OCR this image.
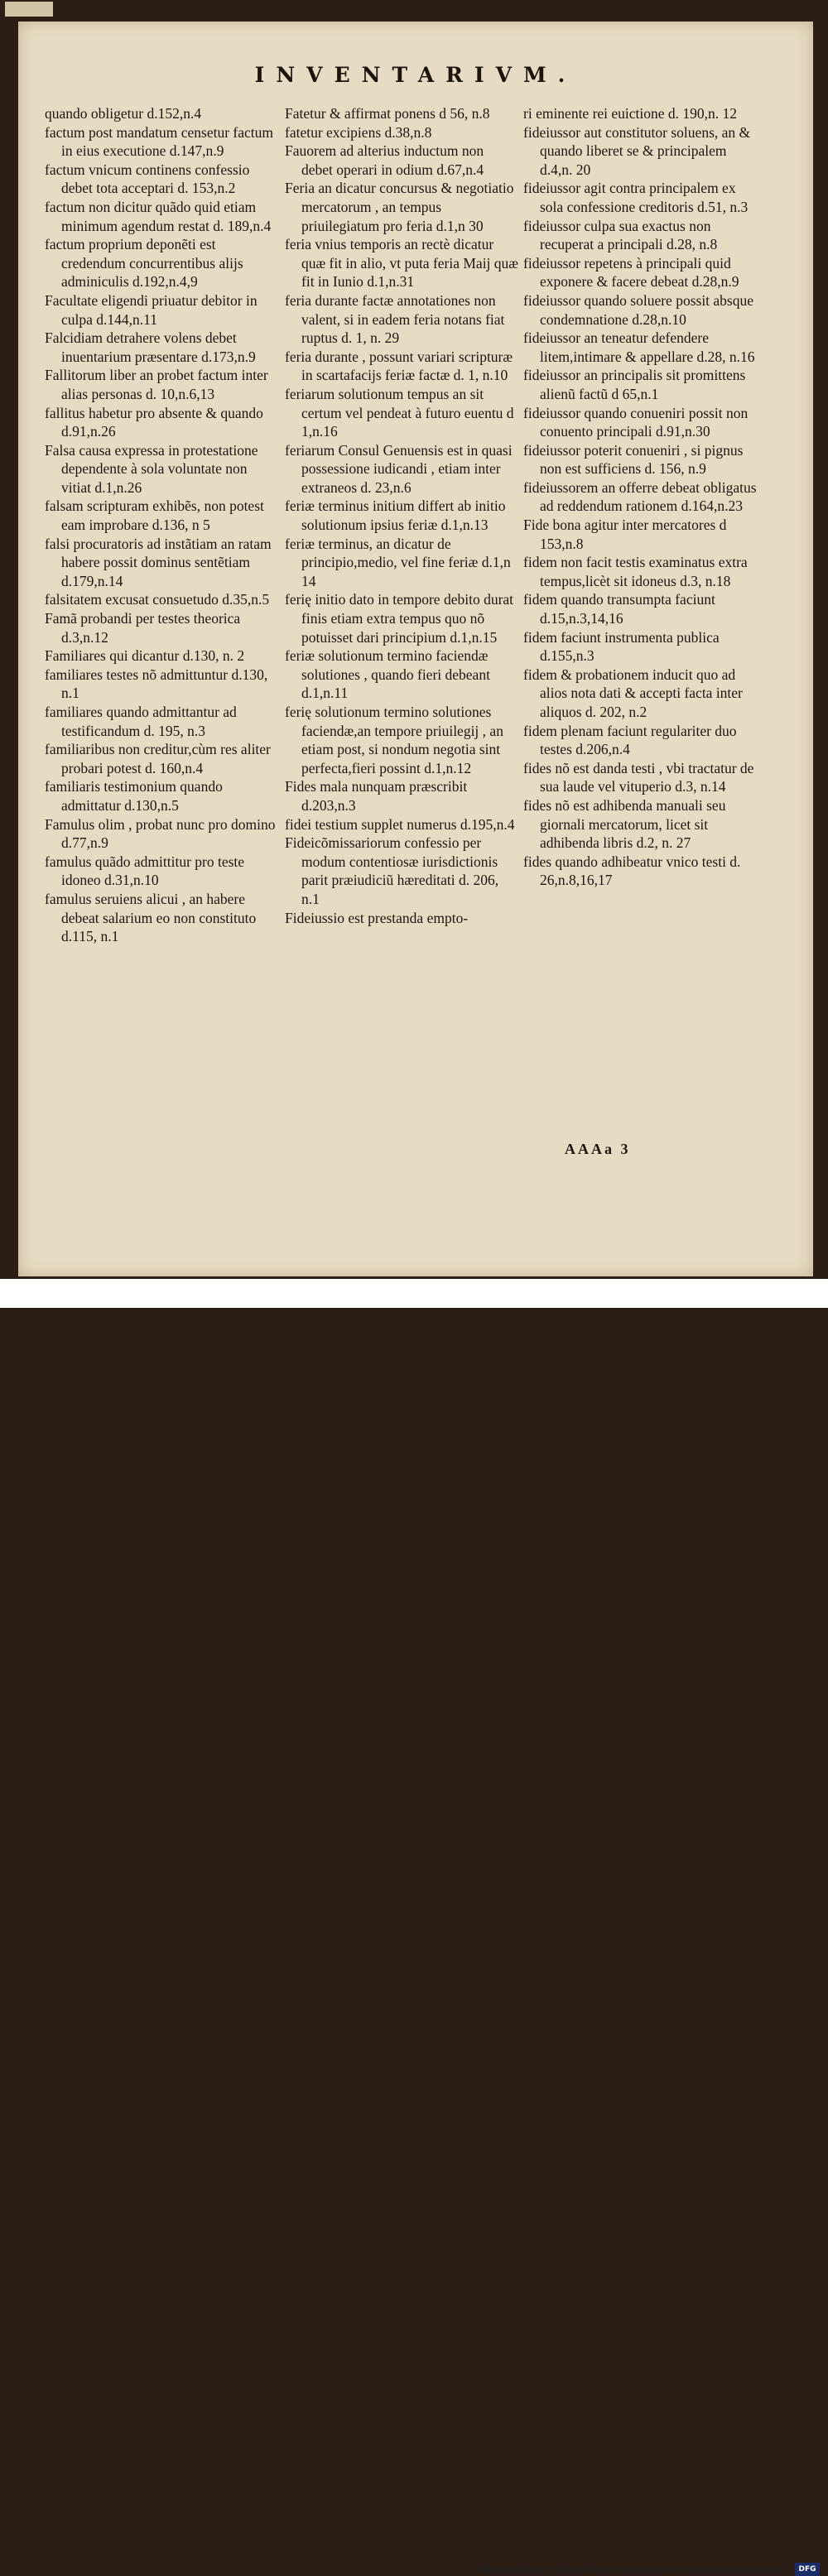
INVENTARIVM.

quando obligetur d.152,n.4

factum post mandatum censetur factum in eius executione d.147,n.9

factum vnicum continens confessio debet tota acceptari d. 153,n.2

factum non dicitur quãdo quid etiam minimum agendum restat d. 189,n.4

factum proprium deponẽti est credendum concurrentibus alijs adminiculis d.192,n.4,9

Facultate eligendi priuatur debitor in culpa d.144,n.11

Falcidiam detrahere volens debet inuentarium præsentare d.173,n.9

Fallitorum liber an probet factum inter alias personas d. 10,n.6,13

fallitus habetur pro absente & quando d.91,n.26

Falsa causa expressa in protestatione dependente à sola voluntate non vitiat d.1,n.26

falsam scripturam exhibẽs, non potest eam improbare d.136, n 5

falsi procuratoris ad instãtiam an ratam habere possit dominus sentẽtiam d.179,n.14

falsitatem excusat consuetudo d.35,n.5

Famã probandi per testes theorica d.3,n.12

Familiares qui dicantur d.130, n. 2

familiares testes nõ admittuntur d.130, n.1

familiares quando admittantur ad testificandum d. 195, n.3

familiaribus non creditur,cùm res aliter probari potest d. 160,n.4

familiaris testimonium quando admittatur d.130,n.5

Famulus olim , probat nunc pro domino d.77,n.9

famulus quãdo admittitur pro teste idoneo d.31,n.10

famulus seruiens alicui , an habere debeat salarium eo non constituto d.115, n.1

Fatetur & affirmat ponens d 56, n.8

fatetur excipiens d.38,n.8

Fauorem ad alterius inductum non debet operari in odium d.67,n.4

Feria an dicatur concursus & negotiatio mercatorum , an tempus priuilegiatum pro feria d.1,n 30

feria vnius temporis an rectè dicatur quæ fit in alio, vt puta feria Maij quæ fit in Iunio d.1,n.31

feria durante factæ annotationes non valent, si in eadem feria notans fiat ruptus d. 1, n. 29

feria durante , possunt variari scripturæ in scartafacijs feriæ factæ d. 1, n.10

feriarum solutionum tempus an sit certum vel pendeat à futuro euentu d 1,n.16

feriarum Consul Genuensis est in quasi possessione iudicandi , etiam inter extraneos d. 23,n.6

feriæ terminus initium differt ab initio solutionum ipsius feriæ d.1,n.13

feriæ terminus, an dicatur de principio,medio, vel fine feriæ d.1,n 14

ferię initio dato in tempore debito durat finis etiam extra tempus quo nõ potuisset dari principium d.1,n.15

feriæ solutionum termino faciendæ solutiones , quando fieri debeant d.1,n.11

ferię solutionum termino solutiones faciendæ,an tempore priuilegij , an etiam post, si nondum negotia sint perfecta,fieri possint d.1,n.12

Fides mala nunquam præscribit d.203,n.3

fidei testium supplet numerus d.195,n.4

Fideicõmissariorum confessio per modum contentiosæ iurisdictionis parit præiudiciũ hæreditati d. 206, n.1

Fideiussio est prestanda empto-

ri eminente rei euictione d. 190,n. 12

fideiussor aut constitutor soluens, an & quando liberet se & principalem d.4,n. 20

fideiussor agit contra principalem ex sola confessione creditoris d.51, n.3

fideiussor culpa sua exactus non recuperat a principali d.28, n.8

fideiussor repetens à principali quid exponere & facere debeat d.28,n.9

fideiussor quando soluere possit absque condemnatione d.28,n.10

fideiussor an teneatur defendere litem,intimare & appellare d.28, n.16

fideiussor an principalis sit promittens alienũ factũ d 65,n.1

fideiussor quando conueniri possit non conuento principali d.91,n.30

fideiussor poterit conueniri , si pignus non est sufficiens d. 156, n.9

fideiussorem an offerre debeat obligatus ad reddendum rationem d.164,n.23

Fide bona agitur inter mercatores d 153,n.8

fidem non facit testis examinatus extra tempus,licèt sit idoneus d.3, n.18

fidem quando transumpta faciunt d.15,n.3,14,16

fidem faciunt instrumenta publica d.155,n.3

fidem & probationem inducit quo ad alios nota dati & accepti facta inter aliquos d. 202, n.2

fidem plenam faciunt regulariter duo testes d.206,n.4

fides nõ est danda testi , vbi tractatur de sua laude vel vituperio d.3, n.14

fides nõ est adhibenda manuali seu giornali mercatorum, licet sit adhibenda libris d.2, n. 27

fides quando adhibeatur vnico testi d. 26,n.8,16,17

AAAa 3
Digitalisierung gefördert durch die Deutsche Forschungsgemeinschaft · DFG
